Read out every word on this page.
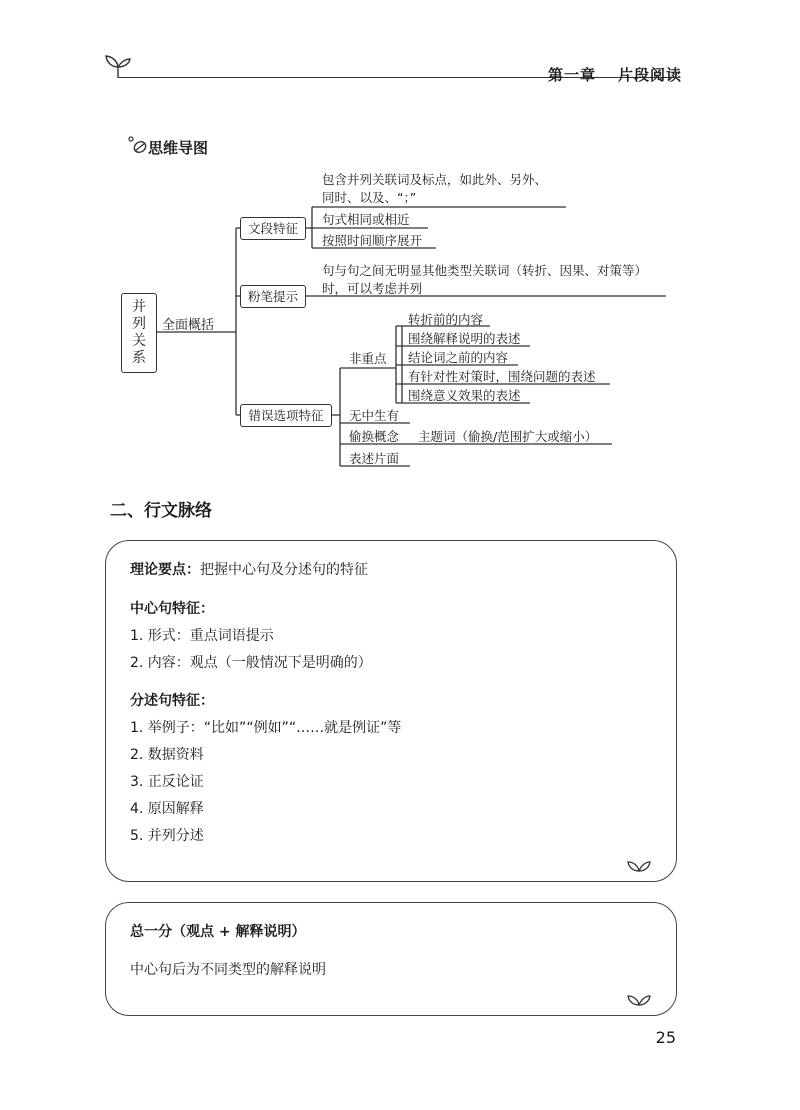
第一章 片段阅读
思维导图
并列关系
全面概括
文段特征
包含并列关联词及标点，如此外、另外、
同时、以及、“；”
句式相同或相近
按照时间顺序展开
粉笔提示
句与句之间无明显其他类型关联词（转折、因果、对策等）
时，可以考虑并列
错误选项特征
非重点
转折前的内容
围绕解释说明的表述
结论词之前的内容
有针对性对策时，围绕问题的表述
围绕意义效果的表述
无中生有
偷换概念 主题词（偷换/范围扩大或缩小）
表述片面
二、行文脉络
理论要点：把握中心句及分述句的特征
中心句特征：
1. 形式：重点词语提示
2. 内容：观点（一般情况下是明确的）
分述句特征：
1. 举例子：“比如”“例如”“……就是例证”等
2. 数据资料
3. 正反论证
4. 原因解释
5. 并列分述
总一分（观点 + 解释说明）
中心句后为不同类型的解释说明
25
